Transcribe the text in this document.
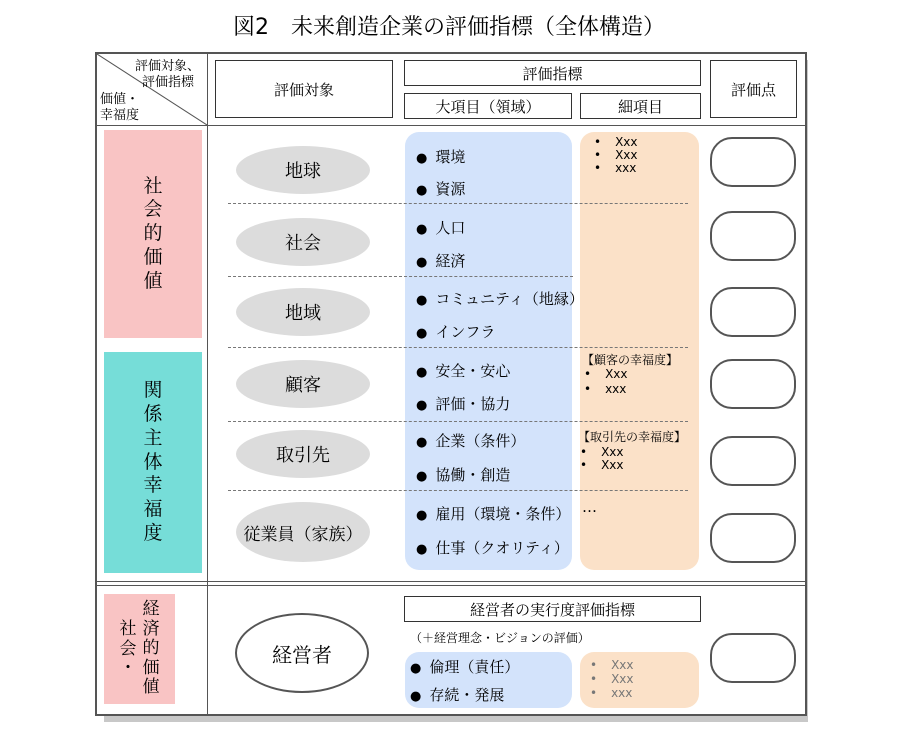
図2　未来創造企業の評価指標（全体構造）
評価対象、
評価指標
価値・
幸福度
評価対象
評価指標
大項目（領域）	細項目
評価点
社
会
的
価
値
関
係
主
体
幸
福
度
経
済
的
価
値
社
会
・
地球
● 環境
● 資源
• Xxx
• Xxx
• xxx
社会
● 人口
● 経済
地域
● コミュニティ（地縁）
● インフラ
顧客
● 安全・安心
● 評価・協力
【顧客の幸福度】
• Xxx
• xxx
取引先
● 企業（条件）
● 協働・創造
【取引先の幸福度】
• Xxx
• Xxx
従業員（家族）
● 雇用（環境・条件）
● 仕事（クオリティ）
…
経営者
経営者の実行度評価指標
（＋経営理念・ビジョンの評価）
● 倫理（責任）
● 存続・発展
• Xxx
• Xxx
• xxx
